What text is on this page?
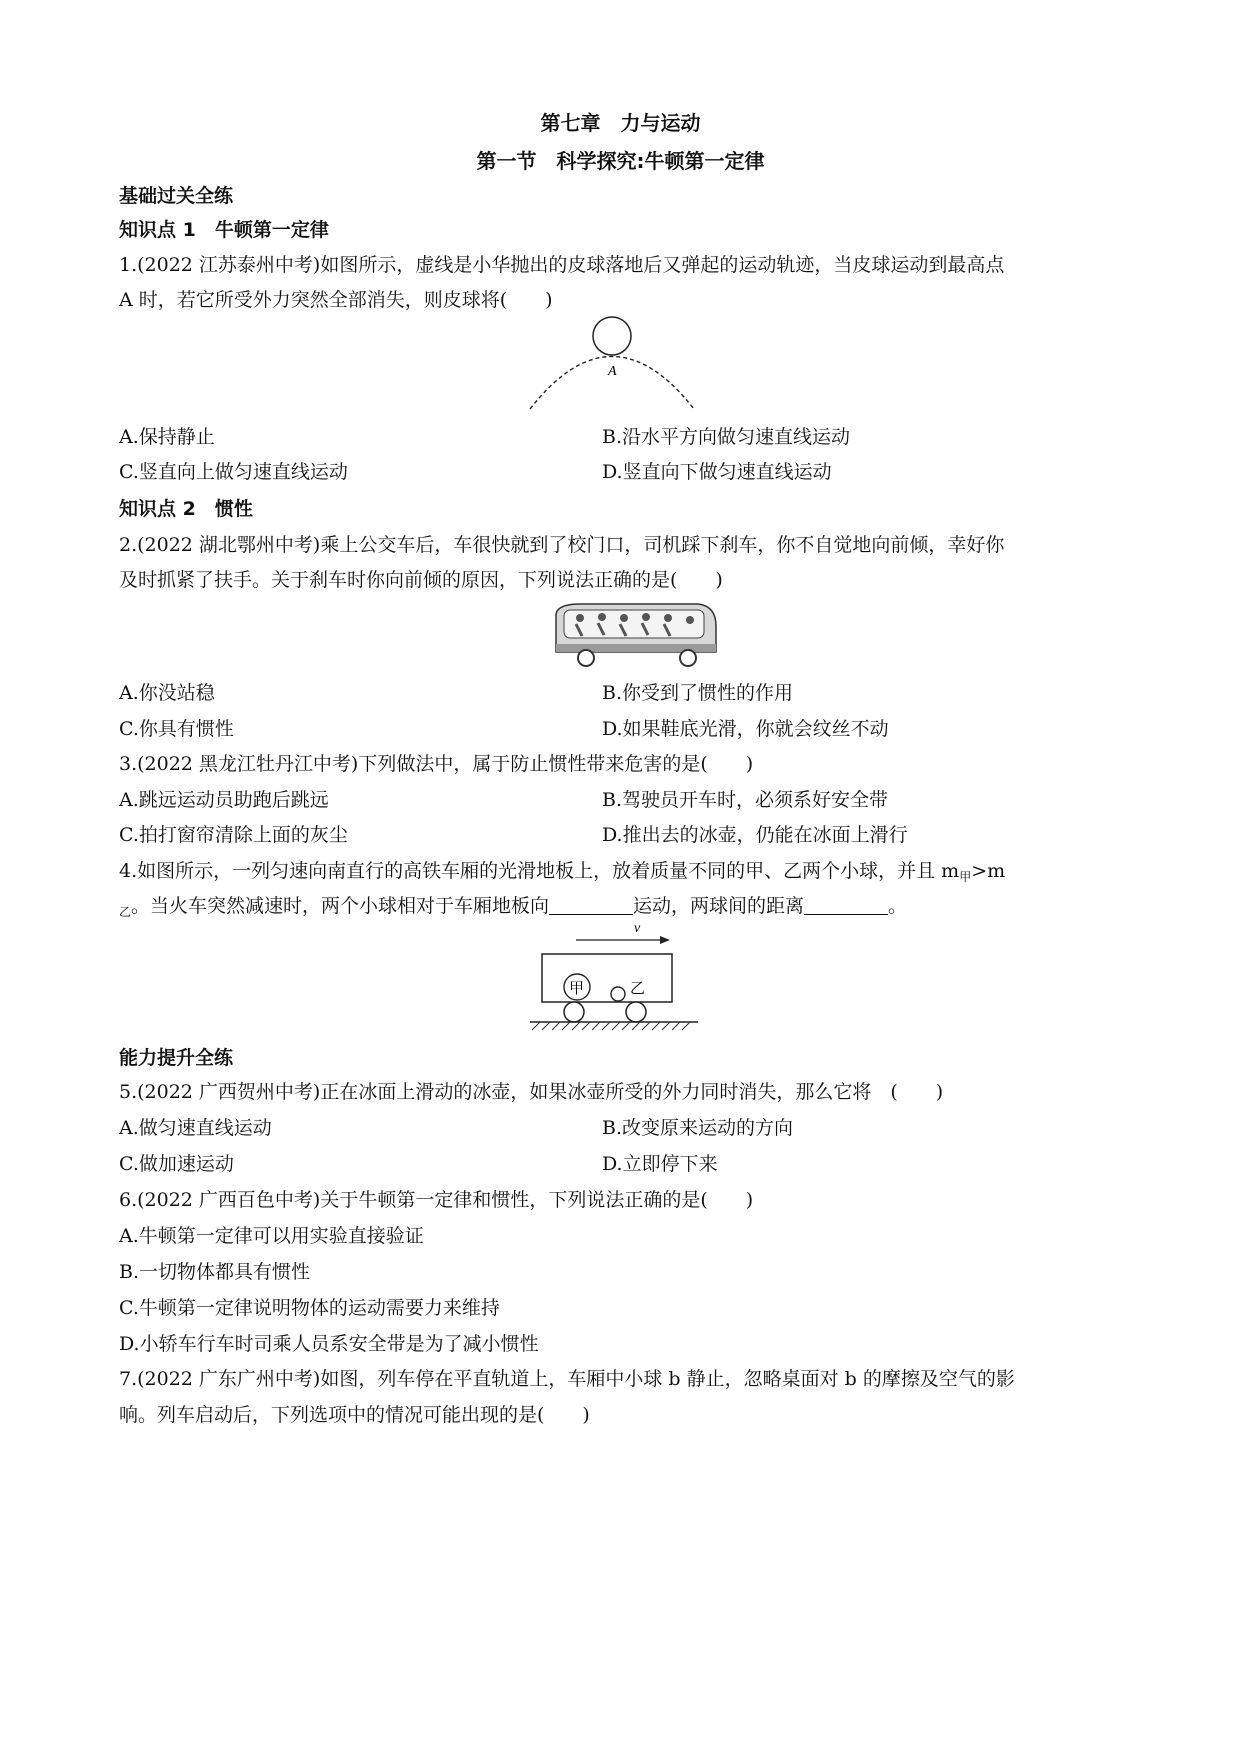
第七章　力与运动
第一节　科学探究:牛顿第一定律
基础过关全练
知识点 1　牛顿第一定律
1.(2022 江苏泰州中考)如图所示，虚线是小华抛出的皮球落地后又弹起的运动轨迹，当皮球运动到最高点
A 时，若它所受外力突然全部消失，则皮球将(　　)
A
A.保持静止	B.沿水平方向做匀速直线运动
C.竖直向上做匀速直线运动	D.竖直向下做匀速直线运动
知识点 2　惯性
2.(2022 湖北鄂州中考)乘上公交车后，车很快就到了校门口，司机踩下刹车，你不自觉地向前倾，幸好你
及时抓紧了扶手。关于刹车时你向前倾的原因，下列说法正确的是(　　)
A.你没站稳	B.你受到了惯性的作用
C.你具有惯性	D.如果鞋底光滑，你就会纹丝不动
3.(2022 黑龙江牡丹江中考)下列做法中，属于防止惯性带来危害的是(　　)
A.跳远运动员助跑后跳远	B.驾驶员开车时，必须系好安全带
C.拍打窗帘清除上面的灰尘	D.推出去的冰壶，仍能在冰面上滑行
4.如图所示，一列匀速向南直行的高铁车厢的光滑地板上，放着质量不同的甲、乙两个小球，并且 $m_甲>m$
$_乙$。当火车突然减速时，两个小球相对于车厢地板向	运动，两球间的距离	。
v
甲	乙
能力提升全练
5.(2022 广西贺州中考)正在冰面上滑动的冰壶，如果冰壶所受的外力同时消失，那么它将　(　　)
A.做匀速直线运动	B.改变原来运动的方向
C.做加速运动	D.立即停下来
6.(2022 广西百色中考)关于牛顿第一定律和惯性，下列说法正确的是(　　)
A.牛顿第一定律可以用实验直接验证
B.一切物体都具有惯性
C.牛顿第一定律说明物体的运动需要力来维持
D.小轿车行车时司乘人员系安全带是为了减小惯性
7.(2022 广东广州中考)如图，列车停在平直轨道上，车厢中小球 b 静止，忽略桌面对 b 的摩擦及空气的影
响。列车启动后，下列选项中的情况可能出现的是(　　)
